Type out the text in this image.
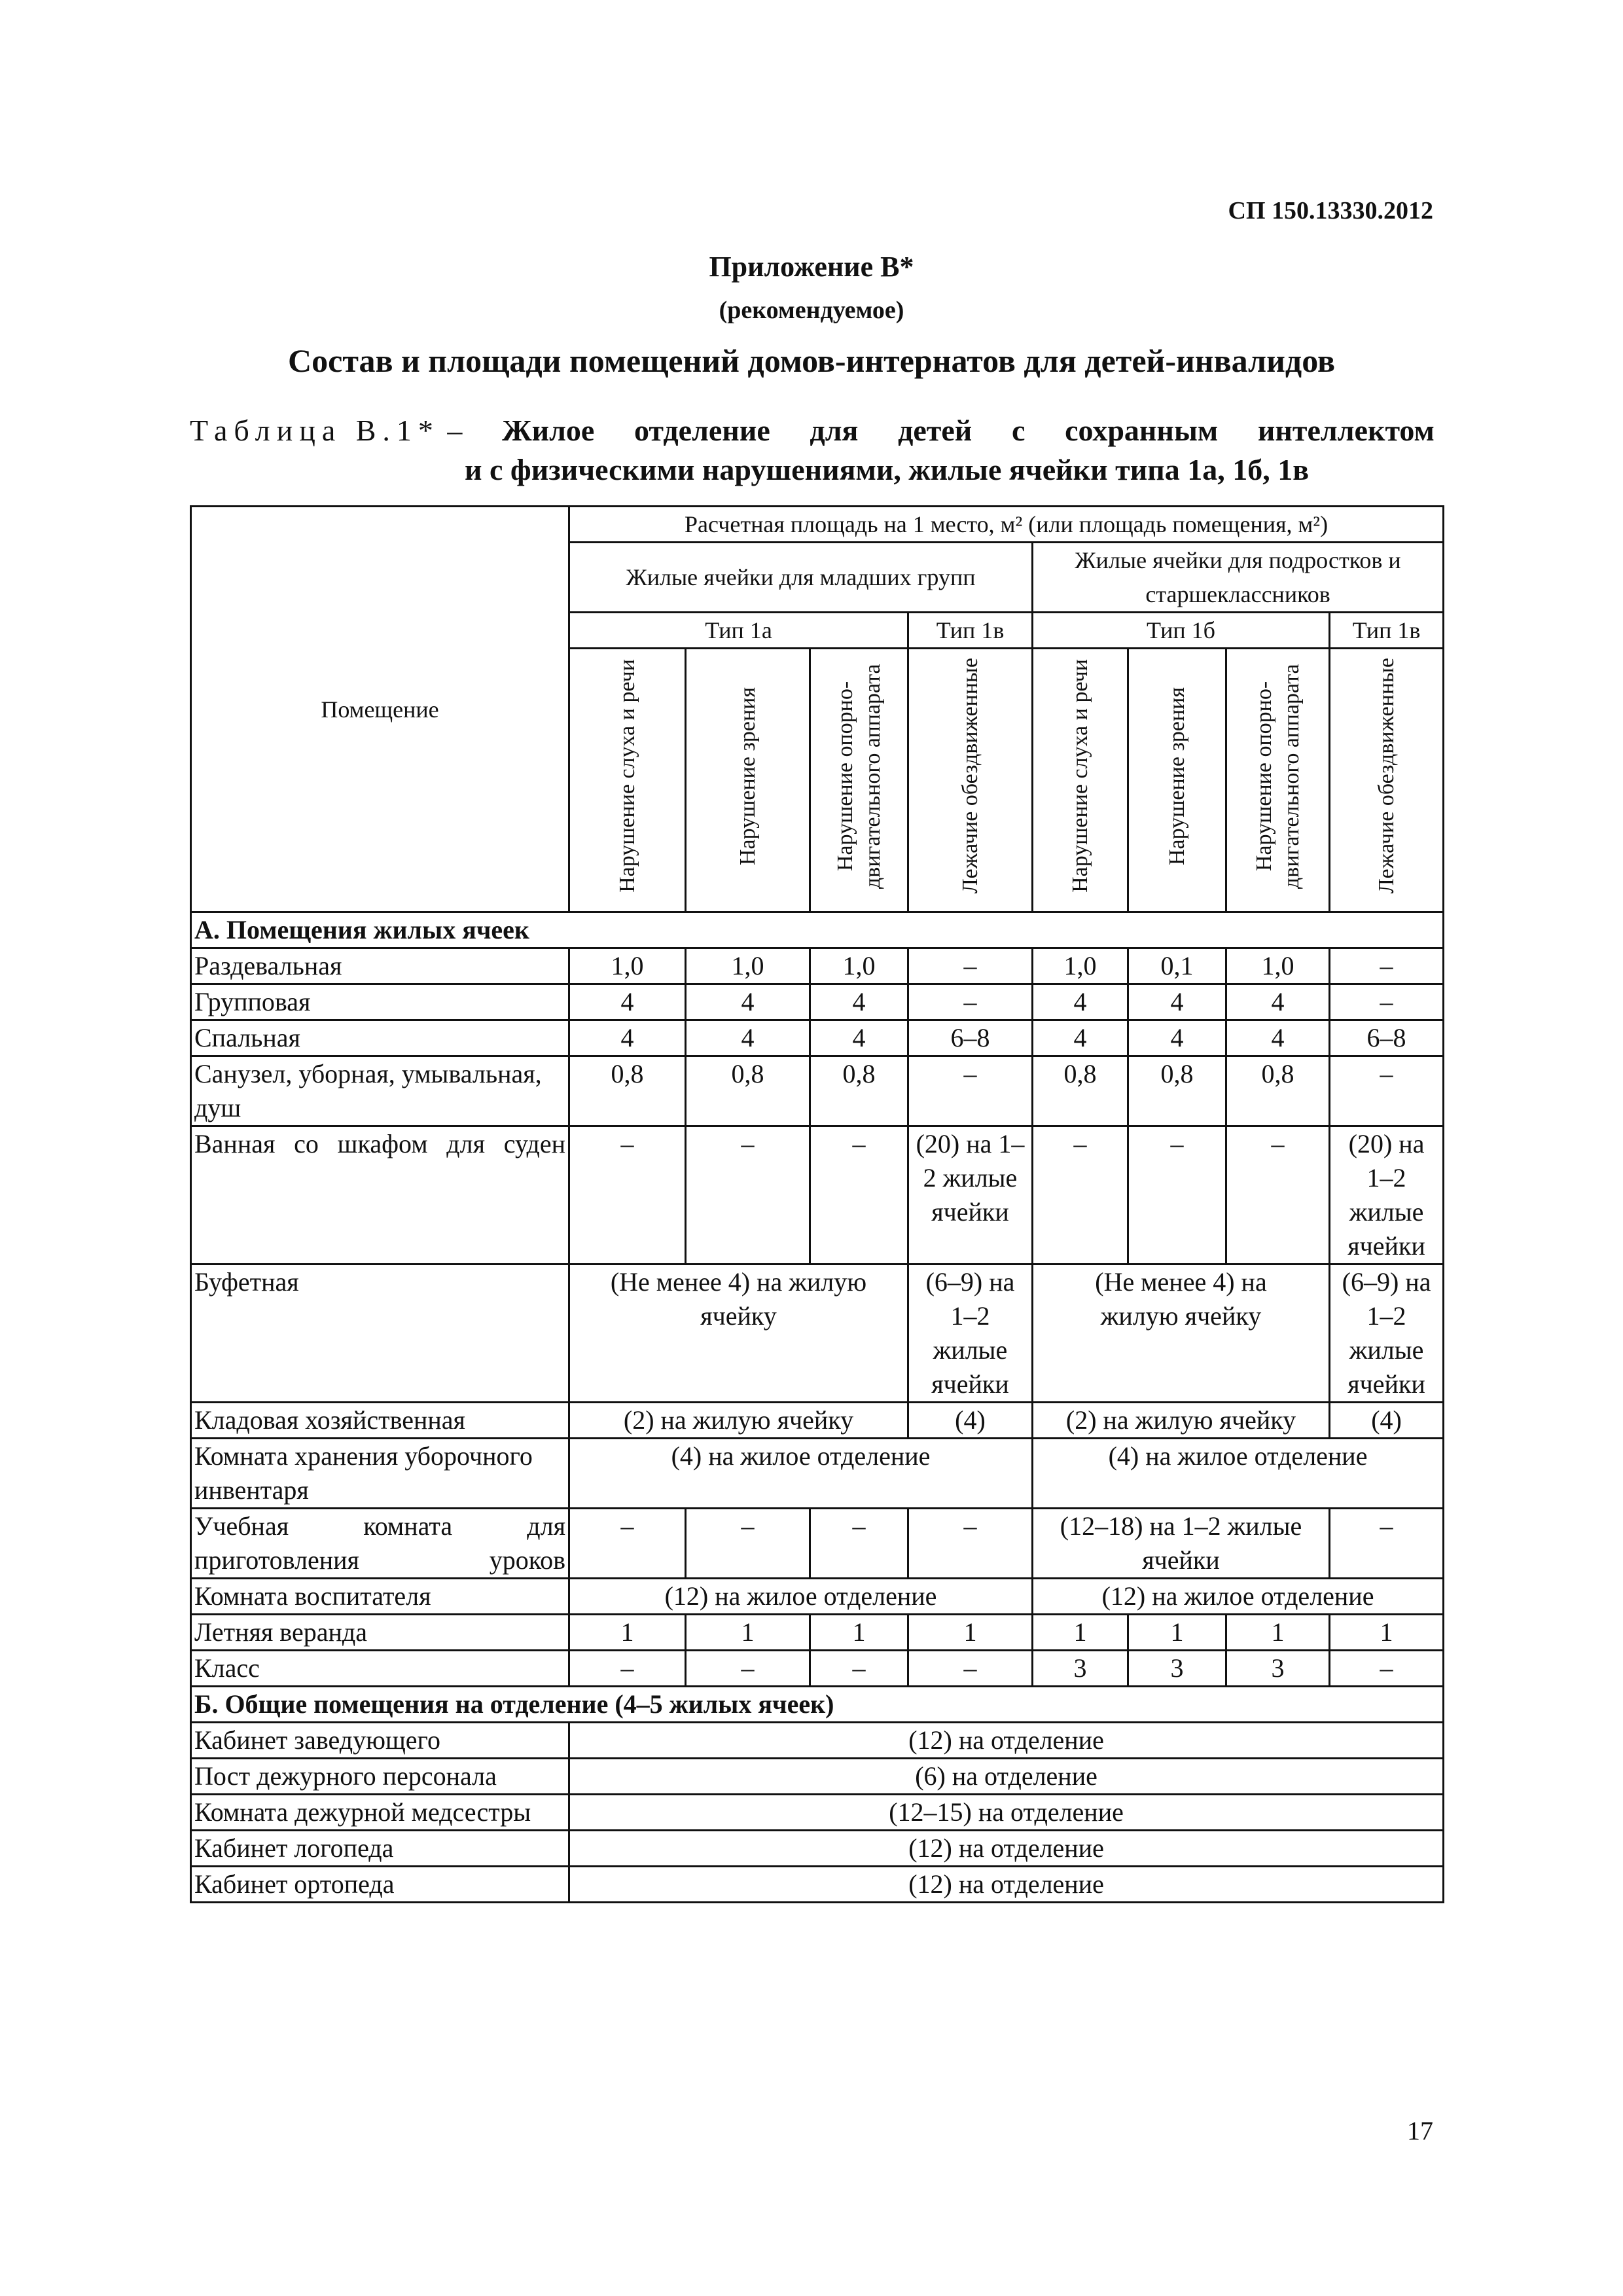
СП 150.13330.2012
Приложение В*
(рекомендуемое)
Состав и площади помещений домов-интернатов для детей-инвалидов
Таблица В.1* – Жилое отделение для детей с сохранным интеллектом
и с физическими нарушениями, жилые ячейки типа 1а, 1б, 1в
Помещение	Расчетная площадь на 1 место, м² (или площадь помещения, м²)							
	Жилые ячейки для младших групп				Жилые ячейки для подростков и старшеклассников			
	Тип 1а			Тип 1в	Тип 1б			Тип 1в
	Нарушение слуха и речи	Нарушение зрения	Нарушение опорно-двигательного аппарата	Лежачие обездвиженные	Нарушение слуха и речи	Нарушение зрения	Нарушение опорно-двигательного аппарата	Лежачие обездвиженные
А. Помещения жилых ячеек								
Раздевальная	1,0	1,0	1,0	–	1,0	0,1	1,0	–
Групповая	4	4	4	–	4	4	4	–
Спальная	4	4	4	6–8	4	4	4	6–8
Санузел, уборная, умывальная, душ	0,8	0,8	0,8	–	0,8	0,8	0,8	–
Ванная со шкафом для суден	–	–	–	(20) на 1–2 жилые ячейки	–	–	–	(20) на 1–2 жилые ячейки
Буфетная	(Не менее 4) на жилую ячейку			(6–9) на 1–2 жилые ячейки	(Не менее 4) на жилую ячейку			(6–9) на 1–2 жилые ячейки
Кладовая хозяйственная	(2) на жилую ячейку			(4)	(2) на жилую ячейку			(4)
Комната хранения уборочного инвентаря	(4) на жилое отделение				(4) на жилое отделение			
Учебная комната для приготовления уроков	–	–	–	–	(12–18) на 1–2 жилые ячейки			–
Комната воспитателя	(12) на жилое отделение				(12) на жилое отделение			
Летняя веранда	1	1	1	1	1	1	1	1
Класс	–	–	–	–	3	3	3	–
Б. Общие помещения на отделение (4–5 жилых ячеек)								
Кабинет заведующего	(12) на отделение							
Пост дежурного персонала	(6) на отделение							
Комната дежурной медсестры	(12–15) на отделение							
Кабинет логопеда	(12) на отделение							
Кабинет ортопеда	(12) на отделение							
17
